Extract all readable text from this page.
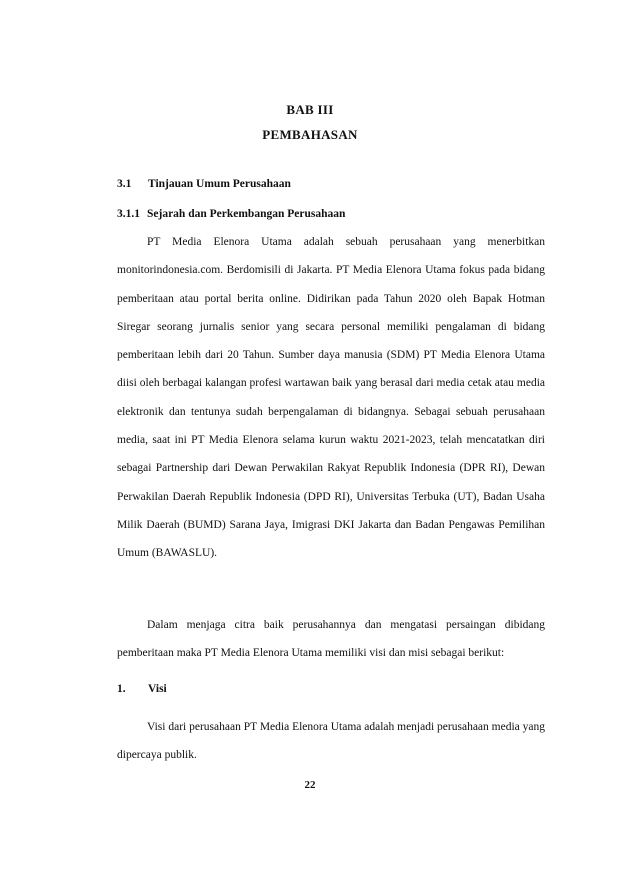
BAB III
PEMBAHASAN
3.1 Tinjauan Umum Perusahaan
3.1.1 Sejarah dan Perkembangan Perusahaan

PT Media Elenora Utama adalah sebuah perusahaan yang menerbitkan monitorindonesia.com. Berdomisili di Jakarta. PT Media Elenora Utama fokus pada bidang pemberitaan atau portal berita online. Didirikan pada Tahun 2020 oleh Bapak Hotman Siregar seorang jurnalis senior yang secara personal memiliki pengalaman di bidang pemberitaan lebih dari 20 Tahun. Sumber daya manusia (SDM) PT Media Elenora Utama diisi oleh berbagai kalangan profesi wartawan baik yang berasal dari media cetak atau media elektronik dan tentunya sudah berpengalaman di bidangnya. Sebagai sebuah perusahaan media, saat ini PT Media Elenora selama kurun waktu 2021-2023, telah mencatatkan diri sebagai Partnership dari Dewan Perwakilan Rakyat Republik Indonesia (DPR RI), Dewan Perwakilan Daerah Republik Indonesia (DPD RI), Universitas Terbuka (UT), Badan Usaha Milik Daerah (BUMD) Sarana Jaya, Imigrasi DKI Jakarta dan Badan Pengawas Pemilihan Umum (BAWASLU).

Dalam menjaga citra baik perusahannya dan mengatasi persaingan dibidang pemberitaan maka PT Media Elenora Utama memiliki visi dan misi sebagai berikut:

1. Visi

Visi dari perusahaan PT Media Elenora Utama adalah menjadi perusahaan media yang dipercaya publik.

22
